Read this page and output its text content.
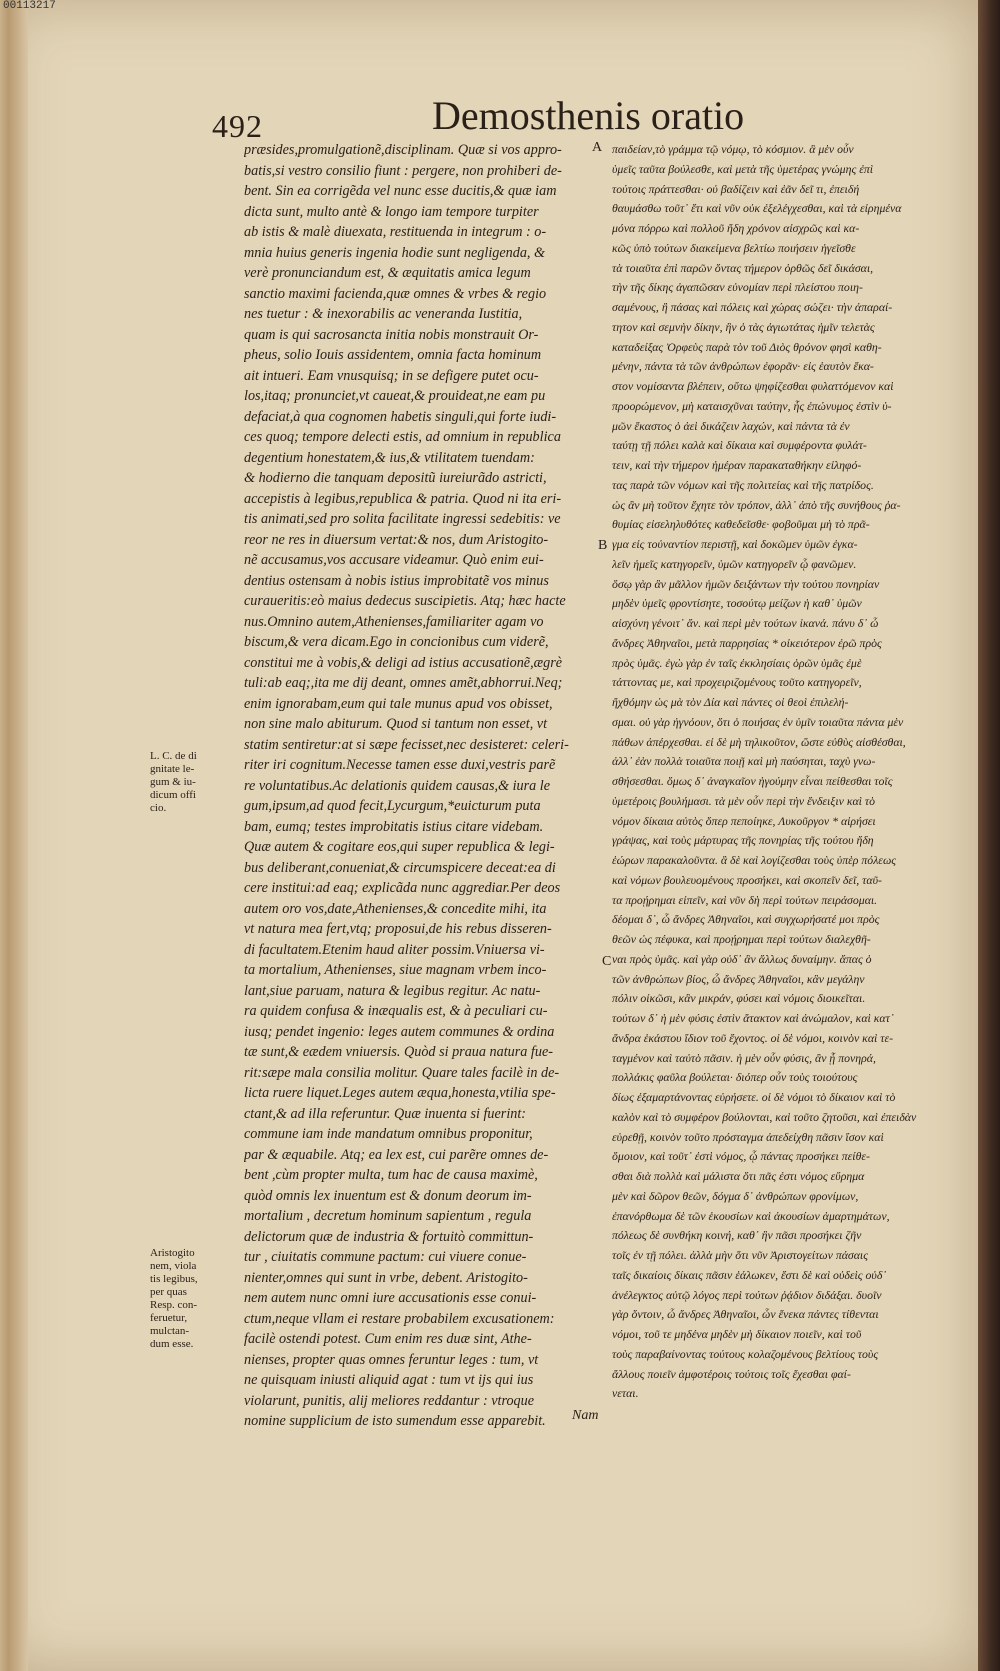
00113217
492	Demosthenis oratio
præsides,promulgationẽ,disciplinam. Quæ si vos appro-
batis,si vestro consilio fiunt : pergere, non prohiberi de-
bent. Sin ea corrigẽda vel nunc esse ducitis,& quæ iam
dicta sunt, multo antè & longo iam tempore turpiter
ab istis & malè diuexata, restituenda in integrum : o-
mnia huius generis ingenia hodie sunt negligenda, &
verè pronunciandum est, & æquitatis amica legum
sanctio maximi facienda,quæ omnes & vrbes & regio
nes tuetur : & inexorabilis ac veneranda Iustitia,
quam is qui sacrosancta initia nobis monstrauit Or-
pheus, solio Iouis assidentem, omnia facta hominum
ait intueri. Eam vnusquisq; in se defigere putet ocu-
los,itaq; pronunciet,vt caueat,& prouideat,ne eam pu
defaciat,à qua cognomen habetis singuli,qui forte iudi-
ces quoq; tempore delecti estis, ad omnium in republica
degentium honestatem,& ius,& vtilitatem tuendam:
& hodierno die tanquam depositũ iureiurãdo astricti,
accepistis à legibus,republica & patria. Quod ni ita eri-
tis animati,sed pro solita facilitate ingressi sedebitis: ve
reor ne res in diuersum vertat:& nos, dum Aristogito-
nẽ accusamus,vos accusare videamur. Quò enim eui-
dentius ostensam à nobis istius improbitatẽ vos minus
curaueritis:eò maius dedecus suscipietis. Atq; hæc hacte
nus.Omnino autem,Athenienses,familiariter agam vo
biscum,& vera dicam.Ego in concionibus cum viderẽ,
constitui me à vobis,& deligi ad istius accusationẽ,ægrè
tuli:ab eaq;,ita me dij deant, omnes amẽt,abhorrui.Neq;
enim ignorabam,eum qui tale munus apud vos obisset,
non sine malo abiturum. Quod si tantum non esset, vt
statim sentiretur:at si sæpe fecisset,nec desisteret: celeri-
riter iri cognitum.Necesse tamen esse duxi,vestris parẽ
re voluntatibus.Ac delationis quidem causas,& iura le
gum,ipsum,ad quod fecit,Lycurgum,*euicturum puta
bam, eumq; testes improbitatis istius citare videbam.
Quæ autem & cogitare eos,qui super republica & legi-
bus deliberant,conueniat,& circumspicere deceat:ea di
cere institui:ad eaq; explicãda nunc aggrediar.Per deos
autem oro vos,date,Athenienses,& concedite mihi, ita
vt natura mea fert,vtq; proposui,de his rebus disseren-
di facultatem.Etenim haud aliter possim.Vniuersa vi-
ta mortalium, Athenienses, siue magnam vrbem inco-
lant,siue paruam, natura & legibus regitur. Ac natu-
ra quidem confusa & inæqualis est, & à peculiari cu-
iusq; pendet ingenio: leges autem communes & ordina
tæ sunt,& eædem vniuersis. Quòd si praua natura fue-
rit:sæpe mala consilia molitur. Quare tales facilè in de-
licta ruere liquet.Leges autem æqua,honesta,vtilia spe-
ctant,& ad illa referuntur. Quæ inuenta si fuerint:
commune iam inde mandatum omnibus proponitur,
par & æquabile. Atq; ea lex est, cui parẽre omnes de-
bent ,cùm propter multa, tum hac de causa maximè,
quòd omnis lex inuentum est & donum deorum im-
mortalium , decretum hominum sapientum , regula
delictorum quæ de industria & fortuitò committun-
tur , ciuitatis commune pactum: cui viuere conue-
nienter,omnes qui sunt in vrbe, debent. Aristogito-
nem autem nunc omni iure accusationis esse conui-
ctum,neque vllam ei restare probabilem excusationem:
facilè ostendi potest. Cum enim res duæ sint, Athe-
nienses, propter quas omnes feruntur leges : tum, vt
ne quisquam iniusti aliquid agat : tum vt ijs qui ius
violarunt, punitis, alij meliores reddantur : vtroque
nomine supplicium de isto sumendum esse apparebit.	Nam
A
B
C
παιδείαν,τὸ γράμμα τῷ νόμῳ, τὸ κόσμιον. ἃ μὲν οὖν
ὑμεῖς ταῦτα βούλεσθε, καὶ μετὰ τῆς ὑμετέρας γνώμης ἐπὶ
τούτοις πράττεσθαι· οὐ βαδίζειν καὶ ἐᾶν δεῖ τι, ἐπειδή
θαυμάσθω τοῦτ᾽ ἔτι καὶ νῦν οὐκ ἐξελέγχεσθαι, καὶ τὰ εἰρημένα
μόνα πόρρω καὶ πολλοῦ ἤδη χρόνον αἰσχρῶς καὶ κα-
κῶς ὑπὸ τούτων διακείμενα βελτίω ποιήσειν ἡγεῖσθε
τὰ τοιαῦτα ἐπὶ παρῶν ὄντας τήμερον ὀρθῶς δεῖ δικάσαι,
τὴν τῆς δίκης ἀγαπῶσαν εὐνομίαν περὶ πλείστου ποιη-
σαμένους, ἣ πάσας καὶ πόλεις καὶ χώρας σώζει· τὴν ἀπαραί-
τητον καὶ σεμνὴν δίκην, ἣν ὁ τὰς ἁγιωτάτας ἡμῖν τελετὰς
καταδείξας Ὀρφεὺς παρὰ τὸν τοῦ Διὸς θρόνον φησὶ καθη-
μένην, πάντα τὰ τῶν ἀνθρώπων ἐφορᾶν· εἰς ἑαυτὸν ἕκα-
στον νομίσαντα βλέπειν, οὕτω ψηφίζεσθαι φυλαττόμενον καὶ
προορώμενον, μὴ καταισχῦναι ταύτην, ἧς ἐπώνυμος ἐστὶν ὑ-
μῶν ἕκαστος ὁ ἀεὶ δικάζειν λαχών, καὶ πάντα τὰ ἐν
ταύτῃ τῇ πόλει καλὰ καὶ δίκαια καὶ συμφέροντα φυλάτ-
τειν, καὶ τὴν τήμερον ἡμέραν παρακαταθήκην εἰληφό-
τας παρὰ τῶν νόμων καὶ τῆς πολιτείας καὶ τῆς πατρίδος.
ὡς ἂν μὴ τοῦτον ἔχητε τὸν τρόπον, ἀλλ᾽ ἀπὸ τῆς συνήθους ῥα-
θυμίας εἰσεληλυθότες καθεδεῖσθε· φοβοῦμαι μὴ τὸ πρᾶ-
γμα εἰς τοὐναντίον περιστῇ, καὶ δοκῶμεν ὑμῶν ἐγκα-
λεῖν ἡμεῖς κατηγορεῖν, ὑμῶν κατηγορεῖν ᾧ φανῶμεν.
ὅσῳ γὰρ ἂν μᾶλλον ἡμῶν δειξάντων τὴν τούτου πονηρίαν
μηδὲν ὑμεῖς φροντίσητε, τοσούτῳ μείζων ἡ καθ᾽ ὑμῶν
αἰσχύνη γένοιτ᾽ ἄν. καὶ περὶ μὲν τούτων ἱκανά. πάνυ δ᾽ ὦ
ἄνδρες Ἀθηναῖοι, μετὰ παρρησίας * οἰκειότερον ἐρῶ πρὸς
πρὸς ὑμᾶς. ἐγὼ γὰρ ἐν ταῖς ἐκκλησίαις ὁρῶν ὑμᾶς ἐμὲ
τάττοντας με, καὶ προχειριζομένους τοῦτο κατηγορεῖν,
ἤχθόμην ὡς μὰ τὸν Δία καὶ πάντες οἱ θεοὶ ἐπιλελή-
σμαι. οὐ γὰρ ἠγνόουν, ὅτι ὁ ποιήσας ἐν ὑμῖν τοιαῦτα πάντα μὲν
πάθων ἀπέρχεσθαι. εἰ δὲ μὴ τηλικοῦτον, ὥστε εὐθὺς αἰσθέσθαι,
ἀλλ᾽ ἐὰν πολλὰ τοιαῦτα ποιῇ καὶ μὴ παύσηται, ταχὺ γνω-
σθήσεσθαι. ὅμως δ᾽ ἀναγκαῖον ἡγούμην εἶναι πείθεσθαι τοῖς
ὑμετέροις βουλήμασι. τὰ μὲν οὖν περὶ τὴν ἔνδειξιν καὶ τὸ
νόμον δίκαια αὐτὸς ὅπερ πεποίηκε, Λυκοῦργον * αἱρήσει
γράψας, καὶ τοὺς μάρτυρας τῆς πονηρίας τῆς τούτου ἤδη
ἑώρων παρακαλοῦντα. ἃ δὲ καὶ λογίζεσθαι τοὺς ὑπὲρ πόλεως
καὶ νόμων βουλευομένους προσήκει, καὶ σκοπεῖν δεῖ, ταῦ-
τα προῄρημαι εἰπεῖν, καὶ νῦν δὴ περὶ τούτων πειράσομαι.
δέομαι δ᾽, ὦ ἄνδρες Ἀθηναῖοι, καὶ συγχωρήσατέ μοι πρὸς
θεῶν ὡς πέφυκα, καὶ προῄρημαι περὶ τούτων διαλεχθῆ-
ναι πρὸς ὑμᾶς. καὶ γὰρ οὐδ᾽ ἂν ἄλλως δυναίμην. ἅπας ὁ
τῶν ἀνθρώπων βίος, ὦ ἄνδρες Ἀθηναῖοι, κἂν μεγάλην
πόλιν οἰκῶσι, κἂν μικράν, φύσει καὶ νόμοις διοικεῖται.
τούτων δ᾽ ἡ μὲν φύσις ἐστὶν ἄτακτον καὶ ἀνώμαλον, καὶ κατ᾽
ἄνδρα ἑκάστου ἴδιον τοῦ ἔχοντος. οἱ δὲ νόμοι, κοινὸν καὶ τε-
ταγμένον καὶ ταὐτὸ πᾶσιν. ἡ μὲν οὖν φύσις, ἂν ᾖ πονηρά,
πολλάκις φαῦλα βούλεται· διόπερ οὖν τοὺς τοιούτους
δίως ἐξαμαρτάνοντας εὑρήσετε. οἱ δὲ νόμοι τὸ δίκαιον καὶ τὸ
καλὸν καὶ τὸ συμφέρον βούλονται, καὶ τοῦτο ζητοῦσι, καὶ ἐπειδὰν
εὑρεθῇ, κοινὸν τοῦτο πρόσταγμα ἀπεδείχθη πᾶσιν ἴσον καὶ
ὅμοιον, καὶ τοῦτ᾽ ἐστὶ νόμος, ᾧ πάντας προσήκει πείθε-
σθαι διὰ πολλὰ καὶ μάλιστα ὅτι πᾶς ἐστι νόμος εὕρημα
μὲν καὶ δῶρον θεῶν, δόγμα δ᾽ ἀνθρώπων φρονίμων,
ἐπανόρθωμα δὲ τῶν ἑκουσίων καὶ ἀκουσίων ἁμαρτημάτων,
πόλεως δὲ συνθήκη κοινή, καθ᾽ ἣν πᾶσι προσήκει ζῆν
τοῖς ἐν τῇ πόλει. ἀλλὰ μὴν ὅτι νῦν Ἀριστογείτων πάσαις
ταῖς δικαίοις δίκαις πᾶσιν ἑάλωκεν, ἔστι δὲ καὶ οὐδεὶς οὐδ᾽
ἀνέλεγκτος αὐτῷ λόγος περὶ τούτων ῥᾴδιον διδάξαι. δυοῖν
γὰρ ὄντοιν, ὦ ἄνδρες Ἀθηναῖοι, ὧν ἕνεκα πάντες τίθενται
νόμοι, τοῦ τε μηδένα μηδὲν μὴ δίκαιον ποιεῖν, καὶ τοῦ
τοὺς παραβαίνοντας τούτους κολαζομένους βελτίους τοὺς
ἄλλους ποιεῖν ἀμφοτέροις τούτοις τοῖς ἔχεσθαι φαί-
νεται.
L. C. de di
gnitate le-
gum & iu-
dicum offi
cio.
Aristogito
nem, viola
tis legibus,
per quas
Resp. con-
feruetur,
mulctan-
dum esse.
